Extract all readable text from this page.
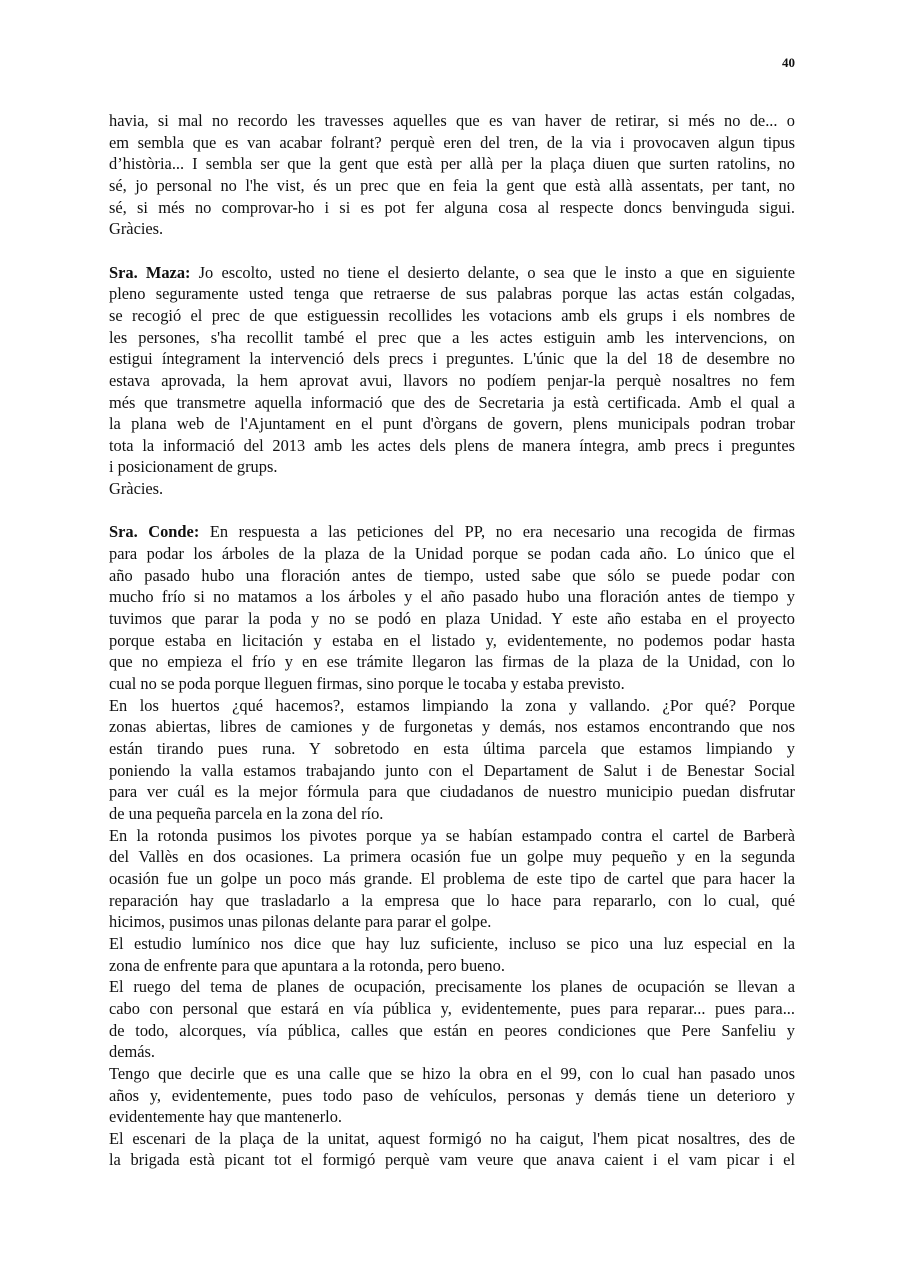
40
havia, si mal no recordo les travesses aquelles que es van haver de retirar, si més no de... o
em sembla que es van acabar folrant? perquè eren del tren, de la via i provocaven algun tipus
d’història... I sembla ser que la gent que està per allà per la plaça diuen que surten ratolins, no
sé, jo personal no l'he vist, és un prec que en feia la gent que està allà assentats, per tant, no
sé, si més no comprovar-ho i si es pot fer alguna cosa al respecte doncs benvinguda sigui.
Gràcies.
Sra. Maza: Jo escolto, usted no tiene el desierto delante, o sea que le insto a que en siguiente
pleno seguramente usted tenga que retraerse de sus palabras porque las actas están colgadas,
se recogió el prec de que estiguessin recollides les votacions amb els grups i els nombres de
les persones, s'ha recollit també el prec que a les actes estiguin amb les intervencions, on
estigui íntegrament la intervenció dels precs i preguntes. L'únic que la del 18 de desembre no
estava aprovada, la hem aprovat avui, llavors no podíem penjar-la perquè nosaltres no fem
més que transmetre aquella informació que des de Secretaria ja està certificada. Amb el qual a
la plana web de l'Ajuntament en el punt d'òrgans de govern, plens municipals podran trobar
tota la informació del 2013 amb les actes dels plens de manera íntegra, amb precs i preguntes
i posicionament de grups.
Gràcies.
Sra. Conde: En respuesta a las peticiones del PP, no era necesario una recogida de firmas
para podar los árboles de la plaza de la Unidad porque se podan cada año. Lo único que el
año pasado hubo una floración antes de tiempo, usted sabe que sólo se puede podar con
mucho frío si no matamos a los árboles y el año pasado hubo una floración antes de tiempo y
tuvimos que parar la poda y no se podó en plaza Unidad. Y este año estaba en el proyecto
porque estaba en licitación y estaba en el listado y, evidentemente, no podemos podar hasta
que no empieza el frío y en ese trámite llegaron las firmas de la plaza de la Unidad, con lo
cual no se poda porque lleguen firmas, sino porque le tocaba y estaba previsto.
En los huertos ¿qué hacemos?, estamos limpiando la zona y vallando. ¿Por qué? Porque
zonas abiertas, libres de camiones y de furgonetas y demás, nos estamos encontrando que nos
están tirando pues runa. Y sobretodo en esta última parcela que estamos limpiando y
poniendo la valla estamos trabajando junto con el Departament de Salut i de Benestar Social
para ver cuál es la mejor fórmula para que ciudadanos de nuestro municipio puedan disfrutar
de una pequeña parcela en la zona del río.
En la rotonda pusimos los pivotes porque ya se habían estampado contra el cartel de Barberà
del Vallès en dos ocasiones. La primera ocasión fue un golpe muy pequeño y en la segunda
ocasión fue un golpe un poco más grande. El problema de este tipo de cartel que para hacer la
reparación hay que trasladarlo a la empresa que lo hace para repararlo, con lo cual, qué
hicimos, pusimos unas pilonas delante para parar el golpe.
El estudio lumínico nos dice que hay luz suficiente, incluso se pico una luz especial en la
zona de enfrente para que apuntara a la rotonda, pero bueno.
El ruego del tema de planes de ocupación, precisamente los planes de ocupación se llevan a
cabo con personal que estará en vía pública y, evidentemente, pues para reparar... pues para...
de todo, alcorques, vía pública, calles que están en peores condiciones que Pere Sanfeliu y
demás.
Tengo que decirle que es una calle que se hizo la obra en el 99, con lo cual han pasado unos
años y, evidentemente, pues todo paso de vehículos, personas y demás tiene un deterioro y
evidentemente hay que mantenerlo.
El escenari de la plaça de la unitat, aquest formigó no ha caigut, l'hem picat nosaltres, des de
la brigada està picant tot el formigó perquè vam veure que anava caient i el vam picar i el
